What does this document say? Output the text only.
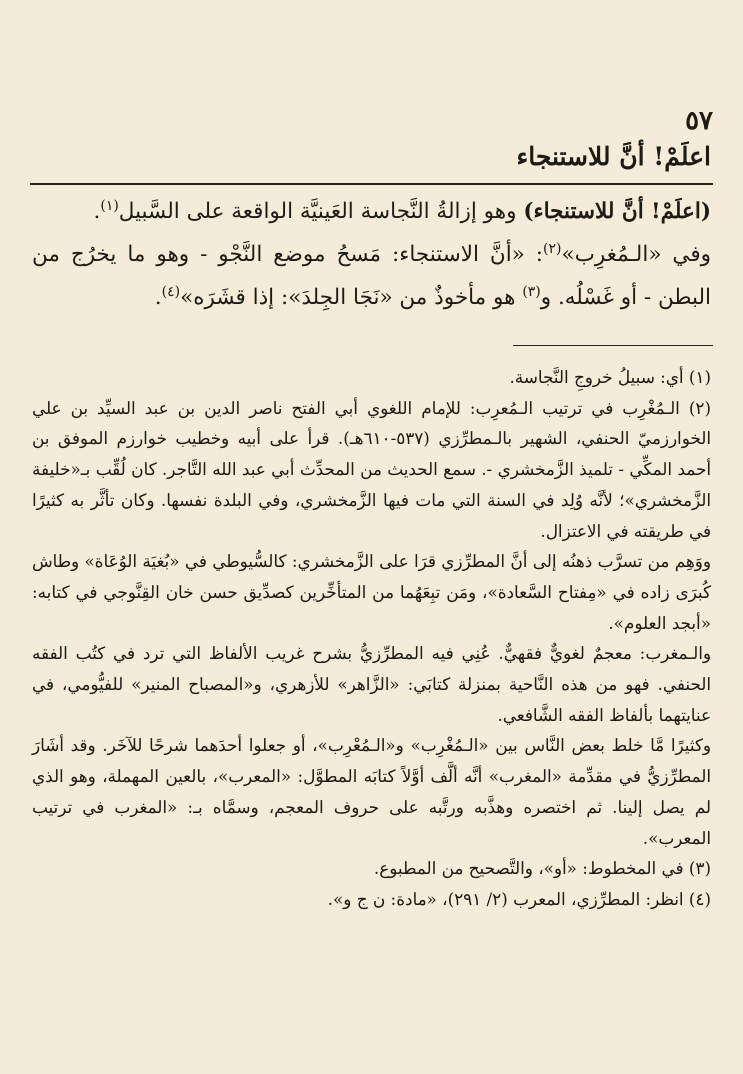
٥٧
اعلَمْ! أنَّ للاستنجاء

(اعلَمْ! أنَّ للاستنجاء) وهو إزالةُ النَّجاسة العَينيَّة الواقعة على السَّبيل$^{(١)}$.

وفي «الـمُغرِب»$^{(٢)}$: «أنَّ الاستنجاء: مَسحُ موضع النَّجْو - وهو ما يخرُج من البطن - أو غَسْلُه. و$^{(٣)}$ هو مأخوذٌ من «نَجَا الجِلدَ»: إذا قشَرَه»$^{(٤)}$.

(١) أي: سبيلُ خروجِ النَّجاسة.

(٢) الـمُغْرِب في ترتيب الـمُعرِب: للإمام اللغوي أبي الفتح ناصر الدين بن عبد السيِّد بن علي الخوارزميّ الحنفي، الشهير بالـمطرِّزي (٥٣٧-٦١٠هـ). قرأ على أبيه وخطيب خوارزم الموفق بن أحمد المكِّي - تلميذ الزَّمخشري -. سمع الحديث من المحدِّث أبي عبد الله التَّاجر. كان لُقِّب بـ«خليفة الزَّمخشري»؛ لأنَّه وُلِد في السنة التي مات فيها الزَّمخشري، وفي البلدة نفسها. وكان تأثَّر به كثيرًا في طريقته في الاعتزال.

ووَهِم من تسرَّب ذهنُه إلى أنَّ المطرِّزي قرَا على الزَّمخشري: كالسُّيوطي في «بُغيَة الوُعَاة» وطاش كُبرَى زاده في «مِفتاح السَّعادة»، ومَن تبِعَهُما من المتأخِّرين كصدِّيق حسن خان القِنَّوجي في كتابه: «أبجد العلوم».

والـمغرب: معجمٌ لغويٌّ فقهيٌّ. عُنِي فيه المطرِّزيُّ بشرح غريب الألفاظ التي ترد في كتُب الفقه الحنفي. فهو من هذه النَّاحية بمنزلة كتابَي: «الزَّاهر» للأزهري، و«المصباح المنير» للفيُّومي، في عنايتهما بألفاظ الفقه الشَّافعي.

وكثيرًا مَّا خلط بعض النَّاس بين «الـمُغْرِب» و«الـمُعْرِب»، أو جعلوا أحدَهما شرحًا للآخَر. وقد أشَارَ المطرِّزيُّ في مقدِّمة «المغرب» أنَّه ألَّف أوَّلاً كتابَه المطوَّل: «المعرب»، بالعين المهملة، وهو الذي لم يصل إلينا. ثم اختصره وهذَّبه ورتَّبه على حروف المعجم، وسمَّاه بـ: «المغرب في ترتيب المعرب».

(٣) في المخطوط: «أو»، والتَّصحيح من المطبوع.

(٤) انظر: المطرِّزي، المعرب (٢/ ٢٩١)، «مادة: ن ج و».
